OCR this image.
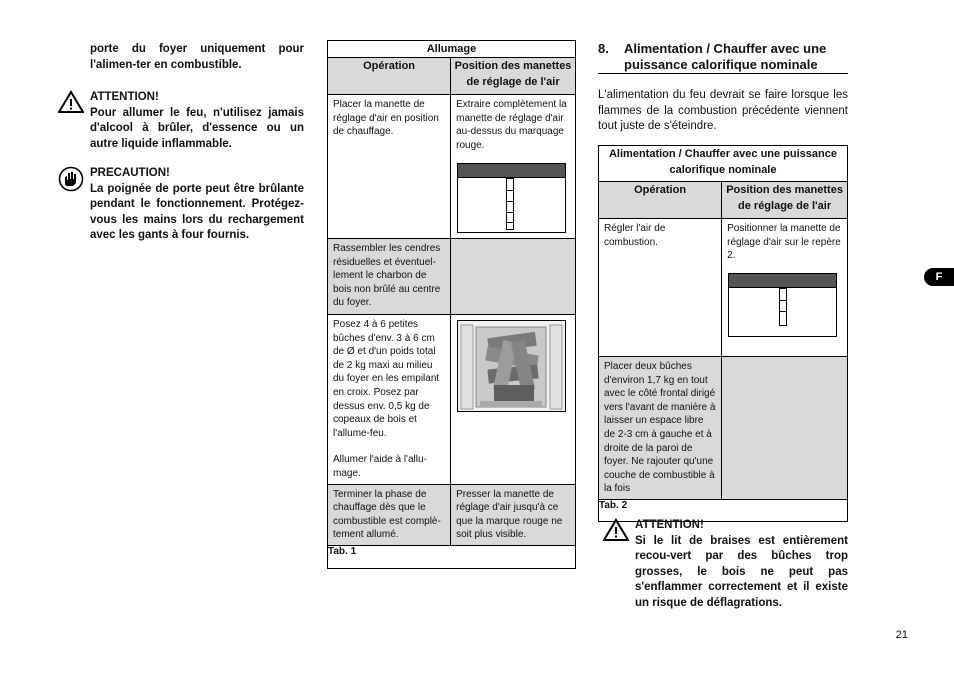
porte du foyer uniquement pour l'alimen-ter en combustible.
ATTENTION!
Pour allumer le feu, n'utilisez jamais d'alcool à brûler, d'essence ou un autre liquide inflammable.
PRECAUTION!
La poignée de porte peut être brûlante pendant le fonctionnement. Protégez-vous les mains lors du rechargement avec les gants à four fournis.
Allumage	
Opération	Position des manettes de réglage de l'air

Placer la manette de réglage d'air en position de chauffage.	Extraire complètement la manette de réglage d'air au-dessus du marquage rouge.

Rassembler les cendres résiduelles et éventuel-lement le charbon de bois non brûlé au centre du foyer.	

Posez 4 à 6 petites bûches d'env. 3 à 6 cm de Ø et d'un poids total de 2 kg maxi au milieu du foyer en les empilant en croix. Posez par dessus env. 0,5 kg de copeaux de bois et l'allume-feu.
Allumer l'aide à l'allu-mage.

Terminer la phase de chauffage dès que le combustible est complè-tement allumé.	Presser la manette de réglage d'air jusqu'à ce que la marque rouge ne soit plus visible.

Tab. 1	
8. Alimentation / Chauffer avec une puissance calorifique nominale
L'alimentation du feu devrait se faire lorsque les flammes de la combustion précédente viennent tout juste de s'éteindre.
Alimentation / Chauffer avec une puissance calorifique nominale	
Opération	Position des manettes de réglage de l'air

Régler l'air de combustion.	Positionner la manette de réglage d'air sur le repère 2.

Placer deux bûches d'environ 1,7 kg en tout avec le côté frontal dirigé vers l'avant de manière à laisser un espace libre de 2-3 cm à gauche et à droite de la paroi de foyer. Ne rajouter qu'une couche de combustible à la fois	

Tab. 2	
ATTENTION!
Si le lit de braises est entièrement recou-vert par des bûches trop grosses, le bois ne peut pas s'enflammer correctement et il existe un risque de déflagrations.
F
21
